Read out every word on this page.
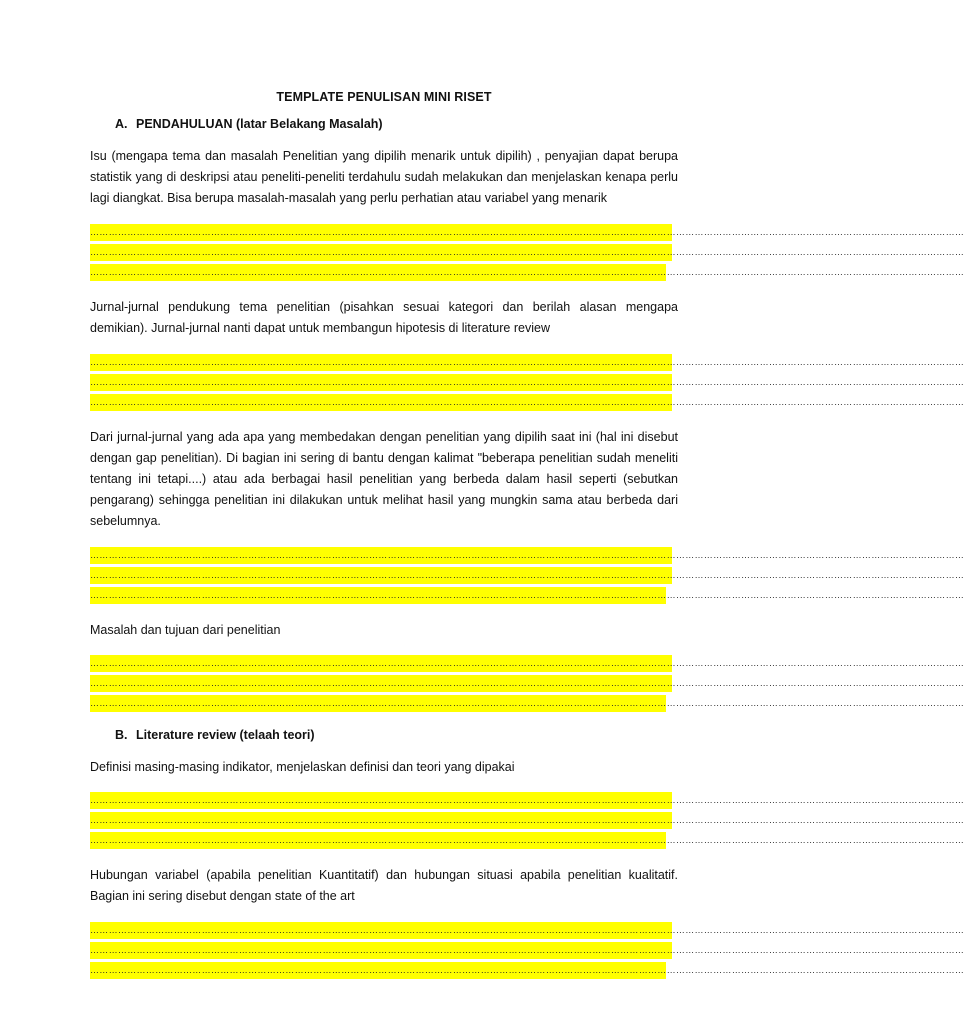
TEMPLATE PENULISAN MINI RISET
A. PENDAHULUAN (latar Belakang Masalah)

Isu (mengapa tema dan masalah Penelitian yang dipilih menarik untuk dipilih) , penyajian dapat berupa statistik yang di deskripsi atau peneliti-peneliti terdahulu sudah melakukan dan menjelaskan kenapa perlu lagi diangkat. Bisa berupa masalah-masalah yang perlu perhatian atau variabel yang menarik

…………………………………………………………………………………………………………………………………………………………………………………………………………………………………………………………
…………………………………………………………………………………………………………………………………………………………………………………………………………………………………………………………
…………………………………………………………………………………………………………………………………………………………………………………………………………………………………………………………

Jurnal-jurnal pendukung tema penelitian (pisahkan sesuai kategori dan berilah alasan mengapa demikian). Jurnal-jurnal nanti dapat untuk membangun hipotesis di literature review

…………………………………………………………………………………………………………………………………………………………………………………………………………………………………………………………
…………………………………………………………………………………………………………………………………………………………………………………………………………………………………………………………
…………………………………………………………………………………………………………………………………………………………………………………………………………………………………………………………

Dari jurnal-jurnal yang ada apa yang membedakan dengan penelitian yang dipilih saat ini (hal ini disebut dengan gap penelitian). Di bagian ini sering di bantu dengan kalimat "beberapa penelitian sudah meneliti tentang ini tetapi....) atau ada berbagai hasil penelitian yang berbeda dalam hasil seperti (sebutkan pengarang) sehingga penelitian ini dilakukan untuk melihat hasil yang mungkin sama atau berbeda dari sebelumnya.

…………………………………………………………………………………………………………………………………………………………………………………………………………………………………………………………
…………………………………………………………………………………………………………………………………………………………………………………………………………………………………………………………
…………………………………………………………………………………………………………………………………………………………………………………………………………………………………………………………

Masalah dan tujuan dari penelitian

…………………………………………………………………………………………………………………………………………………………………………………………………………………………………………………………
…………………………………………………………………………………………………………………………………………………………………………………………………………………………………………………………
…………………………………………………………………………………………………………………………………………………………………………………………………………………………………………………………
B. Literature review (telaah teori)

Definisi masing-masing indikator, menjelaskan definisi dan teori yang dipakai

…………………………………………………………………………………………………………………………………………………………………………………………………………………………………………………………
…………………………………………………………………………………………………………………………………………………………………………………………………………………………………………………………
…………………………………………………………………………………………………………………………………………………………………………………………………………………………………………………………

Hubungan variabel (apabila penelitian Kuantitatif) dan hubungan situasi apabila penelitian kualitatif. Bagian ini sering disebut dengan state of the art

…………………………………………………………………………………………………………………………………………………………………………………………………………………………………………………………
…………………………………………………………………………………………………………………………………………………………………………………………………………………………………………………………
…………………………………………………………………………………………………………………………………………………………………………………………………………………………………………………………
